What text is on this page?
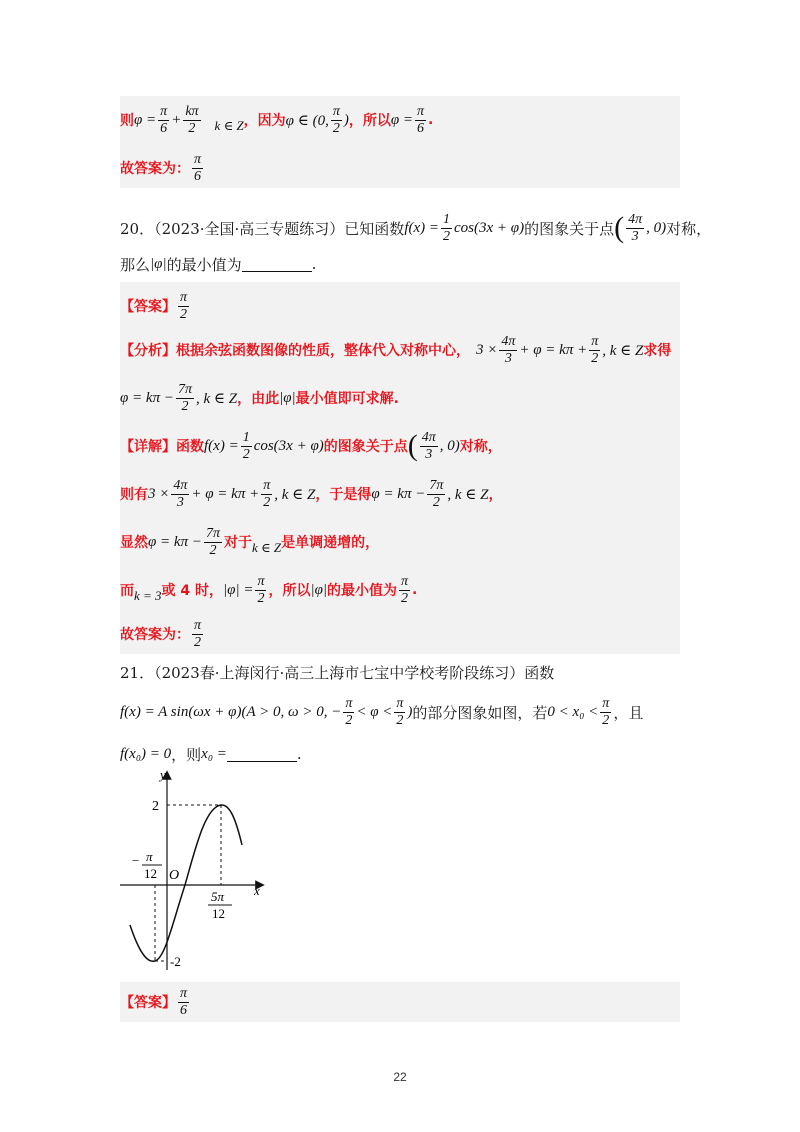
则 $\varphi = \frac{\pi}{6} + \frac{k\pi}{2}$ k ∈ Z ，因为 φ ∈ (0, $\frac{\pi}{2}$ ) ，所以 $\varphi = \frac{\pi}{6}$ .
故答案为： $\frac{\pi}{6}$
20．（2023·全国·高三专题练习）已知函数 $f(x) = \frac{1}{2} \cos(3x + \varphi)$ 的图象关于点 ( $\frac{4\pi}{3}$ , 0) 对称，
那么 |φ| 的最小值为	.
【答案】 $\frac{\pi}{2}$
【分析】根据余弦函数图像的性质，整体代入对称中心， $3 \times \frac{4\pi}{3} + \varphi = k\pi + \frac{\pi}{2}$ , k ∈ Z 求得
$\varphi = k\pi - \frac{7\pi}{2}$ , k ∈ Z ，由此 |φ| 最小值即可求解.
【详解】函数 $f(x) = \frac{1}{2} \cos(3x + \varphi)$ 的图象关于点 ( $\frac{4\pi}{3}$ , 0) 对称，
则有 $3 \times \frac{4\pi}{3} + \varphi = k\pi + \frac{\pi}{2}$ , k ∈ Z ，于是得 $\varphi = k\pi - \frac{7\pi}{2}$ , k ∈ Z ，
显然 $\varphi = k\pi - \frac{7\pi}{2}$ 对于 k ∈ Z 是单调递增的，
而 k = 3 或 4 时， $|\varphi| = \frac{\pi}{2}$ ，所以 |φ| 的最小值为 $\frac{\pi}{2}$ .
故答案为： $\frac{\pi}{2}$
21．（2023春·上海闵行·高三上海市七宝中学校考阶段练习）函数
f(x) = A sin(ωx + φ) (A > 0, ω > 0, − $\frac{\pi}{2} < \varphi < \frac{\pi}{2}$ ) 的部分图象如图，若 $0 < x_0 < \frac{\pi}{2}$ ，且
f(x₀) = 0 ，则 x₀ =	.
y
x
O
2
-2
− π
12
5π
12
【答案】 $\frac{\pi}{6}$
22
